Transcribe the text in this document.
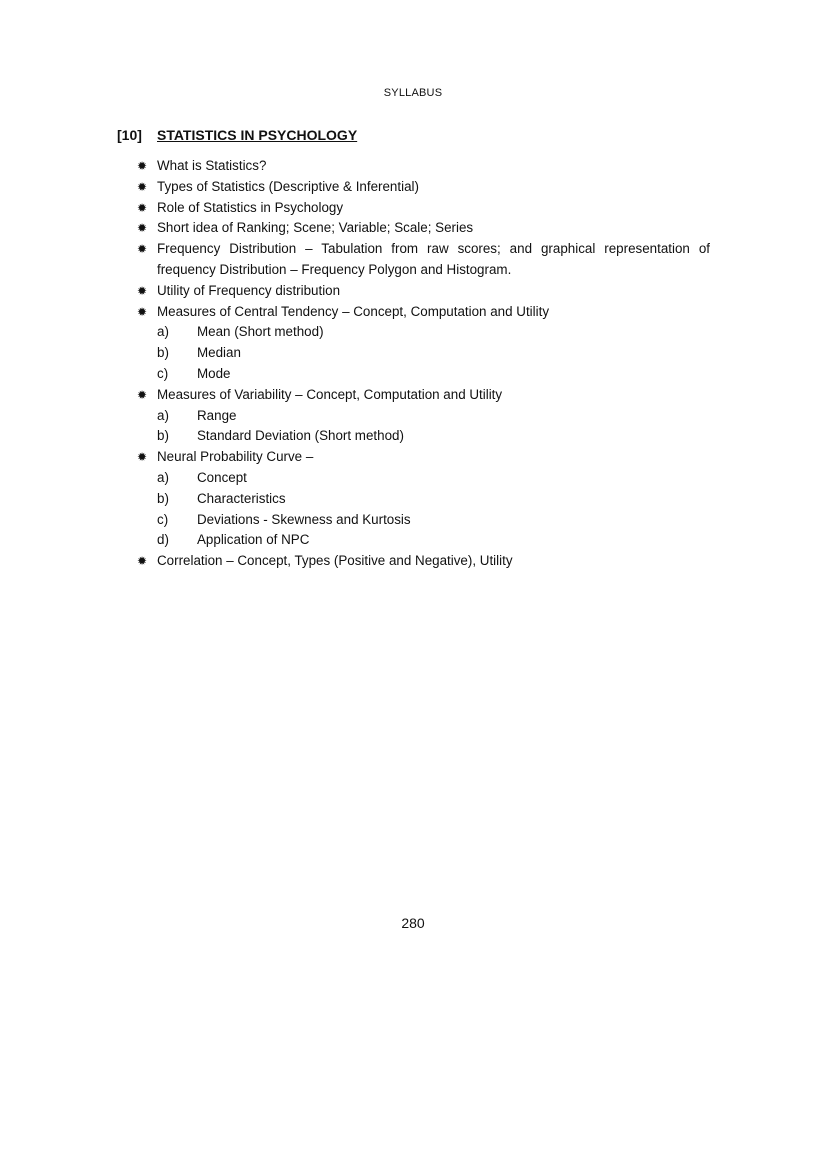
SYLLABUS
[10] STATISTICS IN PSYCHOLOGY
✹ What is Statistics?
✹ Types of Statistics (Descriptive & Inferential)
✹ Role of Statistics in Psychology
✹ Short idea of Ranking; Scene; Variable; Scale; Series
✹ Frequency Distribution – Tabulation from raw scores; and graphical representation of
frequency Distribution – Frequency Polygon and Histogram.
✹ Utility of Frequency distribution
✹ Measures of Central Tendency – Concept, Computation and Utility
a) Mean (Short method)
b) Median
c) Mode
✹ Measures of Variability – Concept, Computation and Utility
a) Range
b) Standard Deviation (Short method)
✹ Neural Probability Curve –
a) Concept
b) Characteristics
c) Deviations - Skewness and Kurtosis
d) Application of NPC
✹ Correlation – Concept, Types (Positive and Negative), Utility
280
